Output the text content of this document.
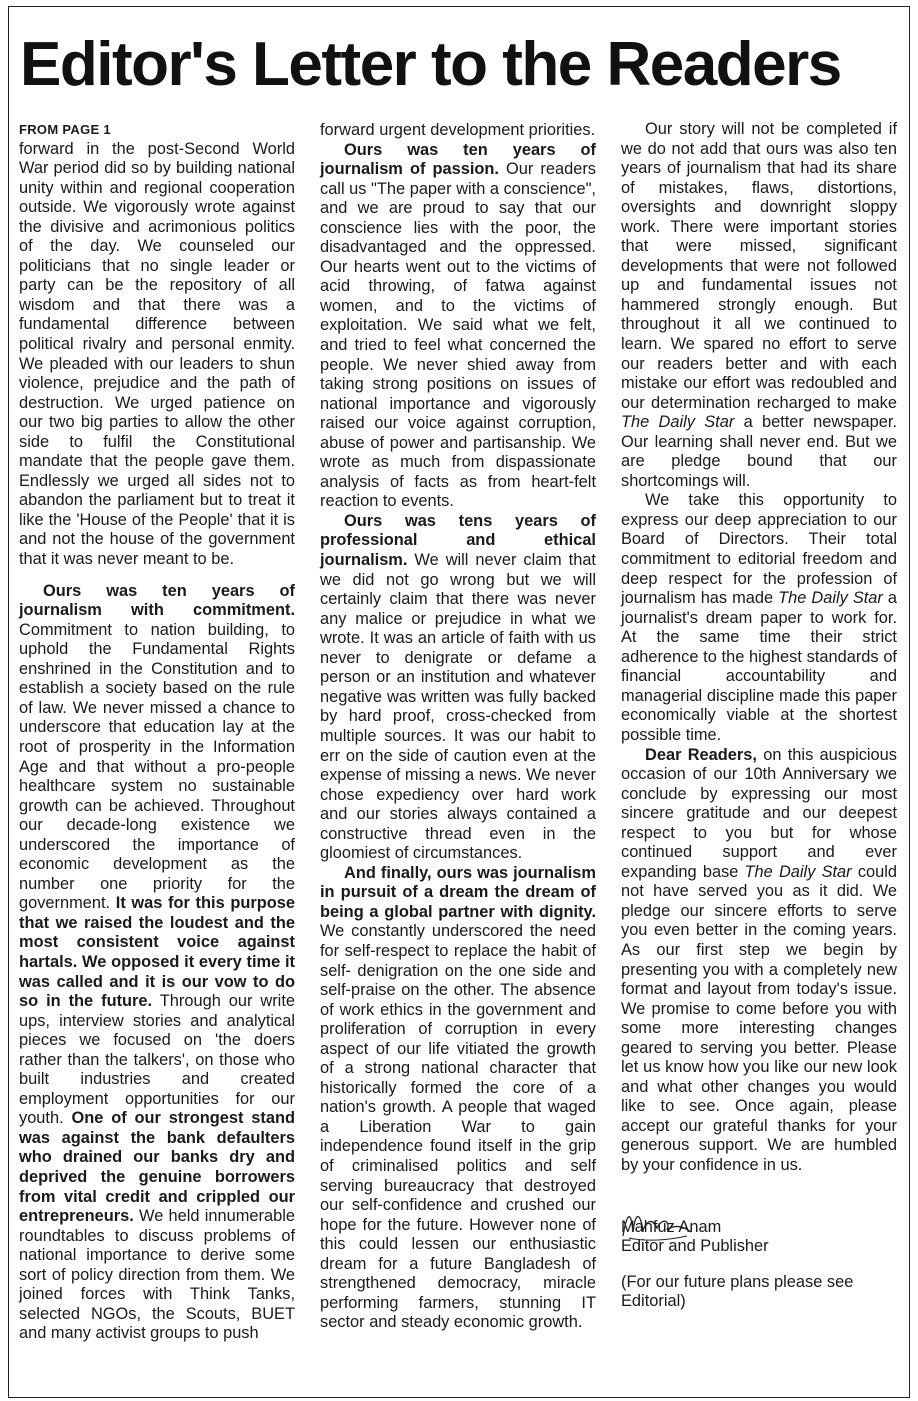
Editor's Letter to the Readers

FROM PAGE 1
forward in the post-Second World War period did so by building national unity within and regional cooperation outside. We vigorously wrote against the divisive and acrimonious politics of the day. We counseled our politicians that no single leader or party can be the repository of all wisdom and that there was a fundamental difference between political rivalry and personal enmity. We pleaded with our leaders to shun violence, prejudice and the path of destruction. We urged patience on our two big parties to allow the other side to fulfil the Constitutional mandate that the people gave them. Endlessly we urged all sides not to abandon the parliament but to treat it like the 'House of the People' that it is and not the house of the government that it was never meant to be.

Ours was ten years of journalism with commitment. Commitment to nation building, to uphold the Fundamental Rights enshrined in the Constitution and to establish a society based on the rule of law. We never missed a chance to underscore that education lay at the root of prosperity in the Information Age and that without a pro-people healthcare system no sustainable growth can be achieved. Throughout our decade-long existence we underscored the importance of economic development as the number one priority for the government. It was for this purpose that we raised the loudest and the most consistent voice against hartals. We opposed it every time it was called and it is our vow to do so in the future. Through our write ups, interview stories and analytical pieces we focused on 'the doers rather than the talkers', on those who built industries and created employment opportunities for our youth. One of our strongest stand was against the bank defaulters who drained our banks dry and deprived the genuine borrowers from vital credit and crippled our entrepreneurs. We held innumerable roundtables to discuss problems of national importance to derive some sort of policy direction from them. We joined forces with Think Tanks, selected NGOs, the Scouts, BUET and many activist groups to push

forward urgent development priorities.

Ours was ten years of journalism of passion. Our readers call us "The paper with a conscience", and we are proud to say that our conscience lies with the poor, the disadvantaged and the oppressed. Our hearts went out to the victims of acid throwing, of fatwa against women, and to the victims of exploitation. We said what we felt, and tried to feel what concerned the people. We never shied away from taking strong positions on issues of national importance and vigorously raised our voice against corruption, abuse of power and partisanship. We wrote as much from dispassionate analysis of facts as from heart-felt reaction to events.

Ours was tens years of professional and ethical journalism. We will never claim that we did not go wrong but we will certainly claim that there was never any malice or prejudice in what we wrote. It was an article of faith with us never to denigrate or defame a person or an institution and whatever negative was written was fully backed by hard proof, cross-checked from multiple sources. It was our habit to err on the side of caution even at the expense of missing a news. We never chose expediency over hard work and our stories always contained a constructive thread even in the gloomiest of circumstances.

And finally, ours was journalism in pursuit of a dream the dream of being a global partner with dignity. We constantly underscored the need for self-respect to replace the habit of self- denigration on the one side and self-praise on the other. The absence of work ethics in the government and proliferation of corruption in every aspect of our life vitiated the growth of a strong national character that historically formed the core of a nation's growth. A people that waged a Liberation War to gain independence found itself in the grip of criminalised politics and self serving bureaucracy that destroyed our self-confidence and crushed our hope for the future. However none of this could lessen our enthusiastic dream for a future Bangladesh of strengthened democracy, miracle performing farmers, stunning IT sector and steady economic growth.

Our story will not be completed if we do not add that ours was also ten years of journalism that had its share of mistakes, flaws, distortions, oversights and downright sloppy work. There were important stories that were missed, significant developments that were not followed up and fundamental issues not hammered strongly enough. But throughout it all we continued to learn. We spared no effort to serve our readers better and with each mistake our effort was redoubled and our determination recharged to make The Daily Star a better newspaper. Our learning shall never end. But we are pledge bound that our shortcomings will.

We take this opportunity to express our deep appreciation to our Board of Directors. Their total commitment to editorial freedom and deep respect for the profession of journalism has made The Daily Star a journalist's dream paper to work for. At the same time their strict adherence to the highest standards of financial accountability and managerial discipline made this paper economically viable at the shortest possible time.

Dear Readers, on this auspicious occasion of our 10th Anniversary we conclude by expressing our most sincere gratitude and our deepest respect to you but for whose continued support and ever expanding base The Daily Star could not have served you as it did. We pledge our sincere efforts to serve you even better in the coming years. As our first step we begin by presenting you with a completely new format and layout from today's issue. We promise to come before you with some more interesting changes geared to serving you better. Please let us know how you like our new look and what other changes you would like to see. Once again, please accept our grateful thanks for your generous support. We are humbled by your confidence in us.

Mahfuz Anam

Editor and Publisher

(For our future plans please see Editorial)
